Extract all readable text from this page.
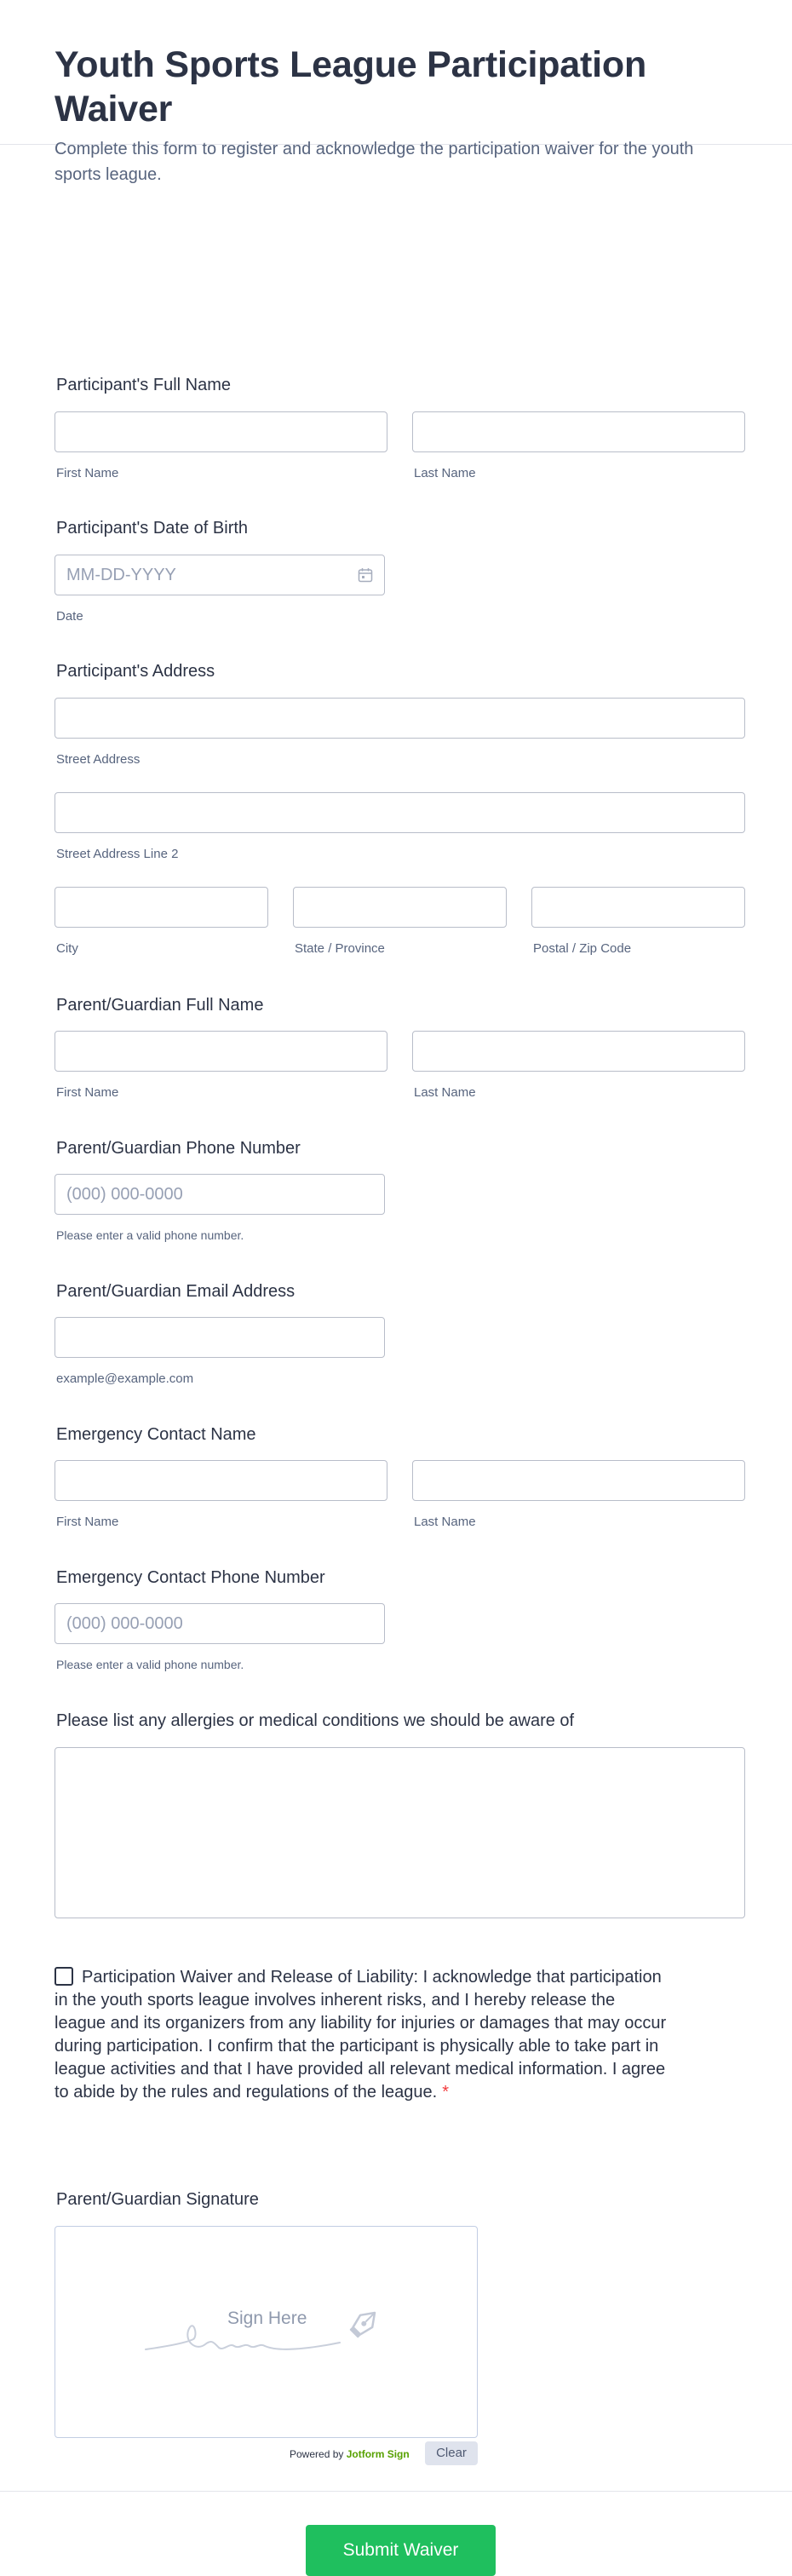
Youth Sports League Participation Waiver

Complete this form to register and acknowledge the participation waiver for the youth sports league.

Participant's Full Name
First Name	Last Name
Participant's Date of Birth
MM-DD-YYYY
Date
Participant's Address
Street Address
Street Address Line 2
City	State / Province	Postal / Zip Code
Parent/Guardian Full Name
First Name	Last Name
Parent/Guardian Phone Number
(000) 000-0000
Please enter a valid phone number.
Parent/Guardian Email Address
example@example.com
Emergency Contact Name
First Name	Last Name
Emergency Contact Phone Number
(000) 000-0000
Please enter a valid phone number.
Please list any allergies or medical conditions we should be aware of
Participation Waiver and Release of Liability: I acknowledge that participation in the youth sports league involves inherent risks, and I hereby release the league and its organizers from any liability for injuries or damages that may occur during participation. I confirm that the participant is physically able to take part in league activities and that I have provided all relevant medical information. I agree to abide by the rules and regulations of the league. *
Parent/Guardian Signature
Sign Here
Powered by Jotform Sign	Clear
Submit Waiver
